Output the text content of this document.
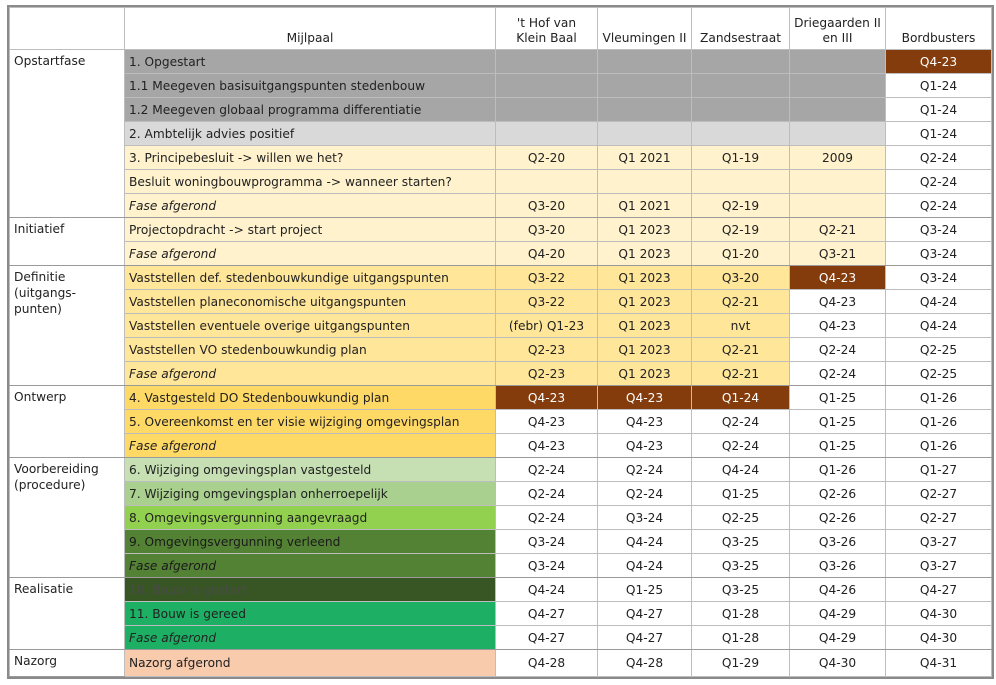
	Mijlpaal	't Hof van Klein Baal	Vleumingen II	Zandsestraat	Driegaarden II en III	Bordbusters
Opstartfase	1. Opgestart					Q4-23
	1.1 Meegeven basisuitgangspunten stedenbouw					Q1-24
	1.2 Meegeven globaal programma differentiatie					Q1-24
	2. Ambtelijk advies positief					Q1-24
	3. Principebesluit -> willen we het?	Q2-20	Q1 2021	Q1-19	2009	Q2-24
	Besluit woningbouwprogramma -> wanneer starten?					Q2-24
	Fase afgerond	Q3-20	Q1 2021	Q2-19		Q2-24
Initiatief	Projectopdracht -> start project	Q3-20	Q1 2023	Q2-19	Q2-21	Q3-24
	Fase afgerond	Q4-20	Q1 2023	Q1-20	Q3-21	Q3-24
Definitie (uitgangs-punten)	Vaststellen def. stedenbouwkundige uitgangspunten	Q3-22	Q1 2023	Q3-20	Q4-23	Q3-24
	Vaststellen planeconomische uitgangspunten	Q3-22	Q1 2023	Q2-21	Q4-23	Q4-24
	Vaststellen eventuele overige uitgangspunten	(febr) Q1-23	Q1 2023	nvt	Q4-23	Q4-24
	Vaststellen VO stedenbouwkundig plan	Q2-23	Q1 2023	Q2-21	Q2-24	Q2-25
	Fase afgerond	Q2-23	Q1 2023	Q2-21	Q2-24	Q2-25
Ontwerp	4. Vastgesteld DO Stedenbouwkundig plan	Q4-23	Q4-23	Q1-24	Q1-25	Q1-26
	5. Overeenkomst en ter visie wijziging omgevingsplan	Q4-23	Q4-23	Q2-24	Q1-25	Q1-26
	Fase afgerond	Q4-23	Q4-23	Q2-24	Q1-25	Q1-26
Voorbereiding (procedure)	6. Wijziging omgevingsplan vastgesteld	Q2-24	Q2-24	Q4-24	Q1-26	Q1-27
	7. Wijziging omgevingsplan onherroepelijk	Q2-24	Q2-24	Q1-25	Q2-26	Q2-27
	8. Omgevingsvergunning aangevraagd	Q2-24	Q3-24	Q2-25	Q2-26	Q2-27
	9. Omgevingsvergunning verleend	Q3-24	Q4-24	Q3-25	Q3-26	Q3-27
	Fase afgerond	Q3-24	Q4-24	Q3-25	Q3-26	Q3-27
Realisatie	10. Bouw is gestart	Q4-24	Q1-25	Q3-25	Q4-26	Q4-27
	11. Bouw is gereed	Q4-27	Q4-27	Q1-28	Q4-29	Q4-30
	Fase afgerond	Q4-27	Q4-27	Q1-28	Q4-29	Q4-30
Nazorg	Nazorg afgerond	Q4-28	Q4-28	Q1-29	Q4-30	Q4-31
